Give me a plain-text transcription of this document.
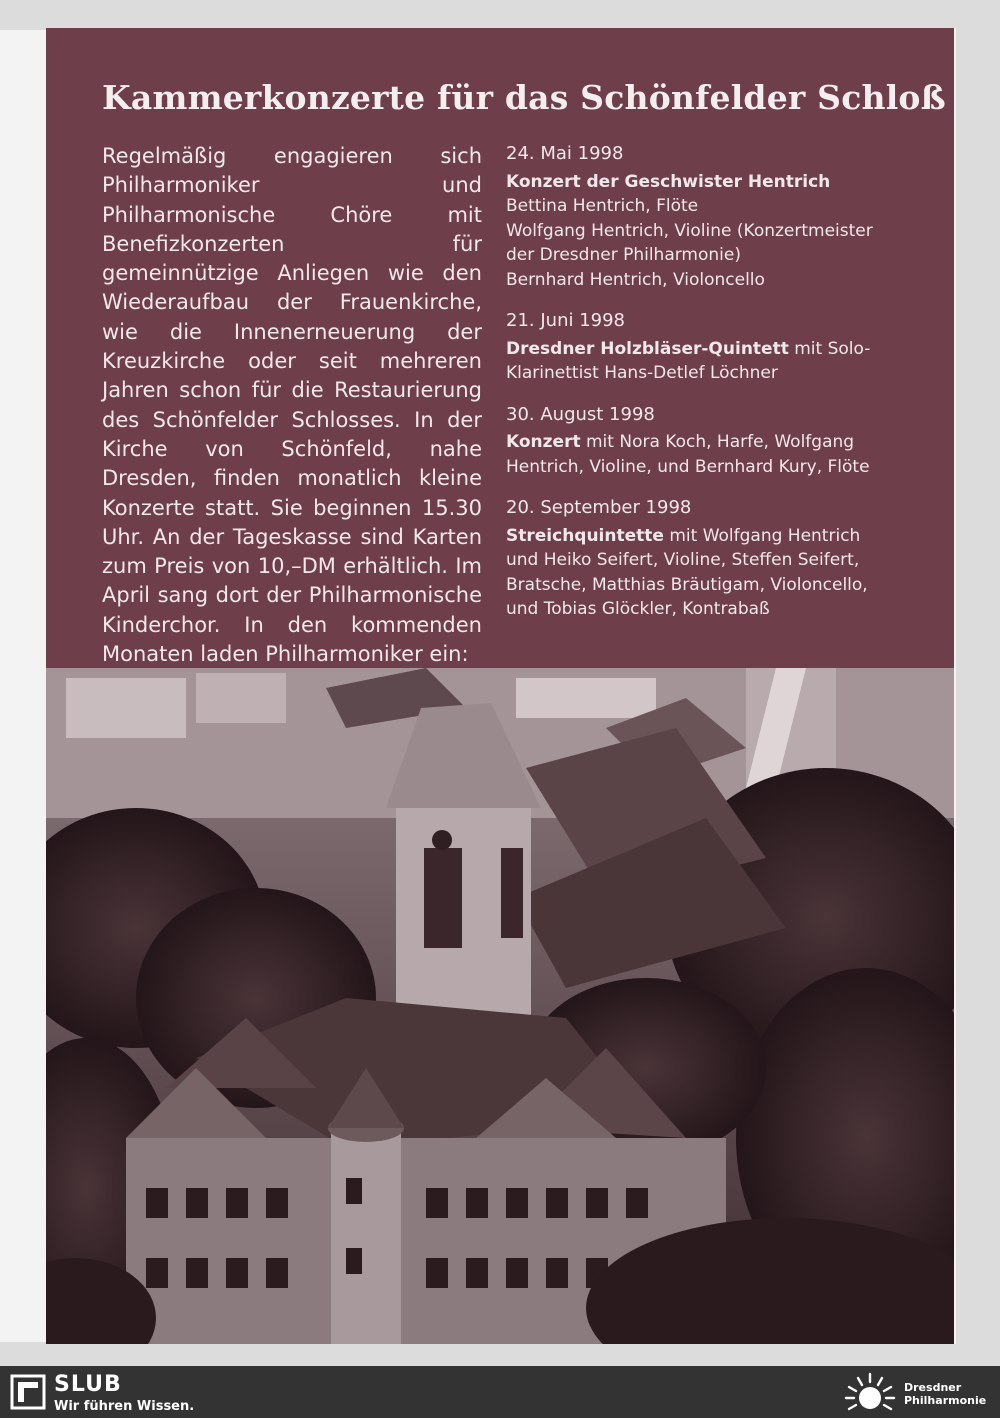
Kammerkonzerte für das Schönfelder Schloß

Regelmäßig engagieren sich Philharmoniker und Philharmonische Chöre mit Benefizkonzerten für gemeinnützige Anliegen wie den Wiederaufbau der Frauenkirche, wie die Innenerneuerung der Kreuzkirche oder seit mehreren Jahren schon für die Restaurierung des Schönfelder Schlosses. In der Kirche von Schönfeld, nahe Dresden, finden monatlich kleine Konzerte statt. Sie beginnen 15.30 Uhr. An der Tageskasse sind Karten zum Preis von 10,–DM erhältlich. Im April sang dort der Philharmonische Kinderchor. In den kommenden Monaten laden Philharmoniker ein:

24. Mai 1998
Konzert der Geschwister Hentrich
Bettina Hentrich, Flöte
Wolfgang Hentrich, Violine (Konzertmeister der Dresdner Philharmonie)
Bernhard Hentrich, Violoncello
21. Juni 1998
Dresdner Holzbläser-Quintett mit Solo-Klarinettist Hans-Detlef Löchner
30. August 1998
Konzert mit Nora Koch, Harfe, Wolfgang Hentrich, Violine, und Bernhard Kury, Flöte
20. September 1998
Streichquintette mit Wolfgang Hentrich und Heiko Seifert, Violine, Steffen Seifert, Bratsche, Matthias Bräutigam, Violoncello, und Tobias Glöckler, Kontrabaß
SLUB
Wir führen Wissen.
Dresdner
Philharmonie
